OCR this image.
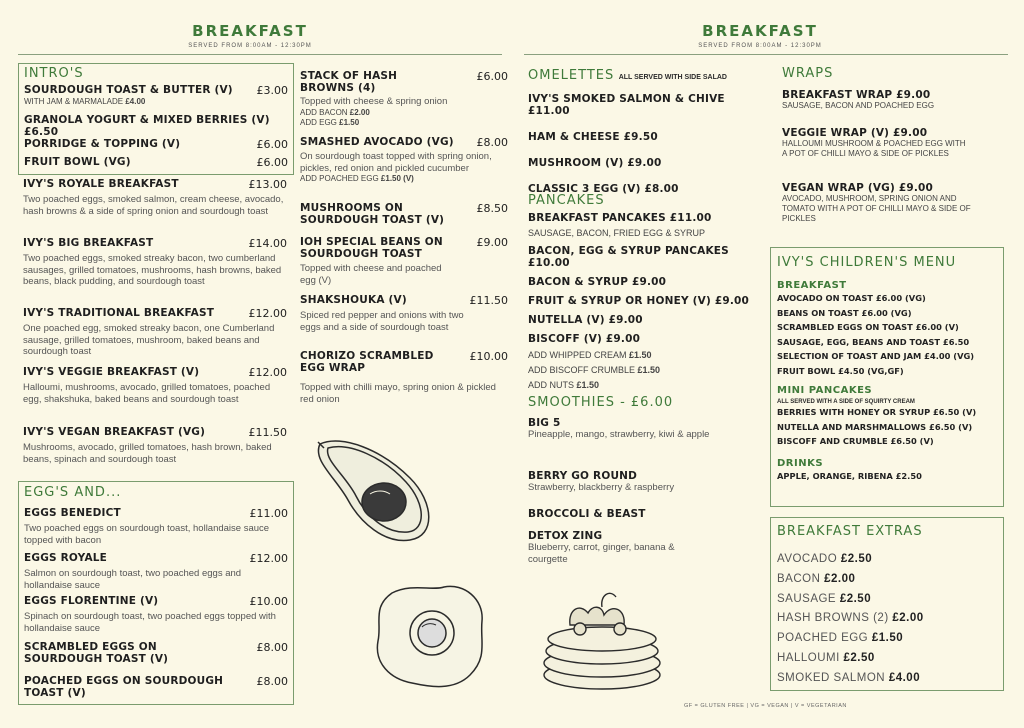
BREAKFAST
SERVED FROM 8:00AM - 12:30PM
BREAKFAST
SERVED FROM 8:00AM - 12:30PM
INTRO'S
SOURDOUGH TOAST & BUTTER (V) £3.00
WITH JAM & MARMALADE £4.00
GRANOLA YOGURT & MIXED BERRIES (V) £6.50
PORRIDGE & TOPPING (V)	£6.00
FRUIT BOWL (VG)	£6.00
IVY'S ROYALE BREAKFAST	£13.00
Two poached eggs, smoked salmon, cream cheese, avocado, hash browns & a side of spring onion and sourdough toast
IVY'S BIG BREAKFAST	£14.00
Two poached eggs, smoked streaky bacon, two cumberland sausages, grilled tomatoes, mushrooms, hash browns, baked beans, black pudding, and sourdough toast
IVY'S TRADITIONAL BREAKFAST	£12.00
One poached egg, smoked streaky bacon, one Cumberland sausage, grilled tomatoes, mushroom, baked beans and sourdough toast
IVY'S VEGGIE BREAKFAST (V)	£12.00
Halloumi, mushrooms, avocado, grilled tomatoes, poached egg, shakshuka, baked beans and sourdough toast
IVY'S VEGAN BREAKFAST (VG)	£11.50
Mushrooms, avocado, grilled tomatoes, hash brown, baked beans, spinach and sourdough toast
EGG'S AND...
EGGS BENEDICT	£11.00
Two poached eggs on sourdough toast, hollandaise sauce topped with bacon
EGGS ROYALE	£12.00
Salmon on sourdough toast, two poached eggs and hollandaise sauce
EGGS FLORENTINE (V)	£10.00
Spinach on sourdough toast, two poached eggs topped with hollandaise sauce
SCRAMBLED EGGS ON SOURDOUGH TOAST (V)
£8.00
POACHED EGGS ON SOURDOUGH TOAST (V)
£8.00
STACK OF HASH BROWNS (4)
£6.00
Topped with cheese & spring onion
ADD BACON £2.00
ADD EGG £1.50
SMASHED AVOCADO (VG) £8.00
On sourdough toast topped with spring onion, pickles, red onion and pickled cucumber
ADD POACHED EGG £1.50 (V)
MUSHROOMS ON SOURDOUGH TOAST (V)
£8.50
IOH SPECIAL BEANS ON SOURDOUGH TOAST
£9.00
Topped with cheese and poached egg (V)
SHAKSHOUKA (V)	£11.50
Spiced red pepper and onions with two eggs and a side of sourdough toast
CHORIZO SCRAMBLED EGG WRAP
£10.00
Topped with chilli mayo, spring onion & pickled red onion
OMELETTES ALL SERVED WITH SIDE SALAD
IVY'S SMOKED SALMON & CHIVE £11.00
HAM & CHEESE £9.50
MUSHROOM (V) £9.00
CLASSIC 3 EGG (V) £8.00
PANCAKES
BREAKFAST PANCAKES £11.00
SAUSAGE, BACON, FRIED EGG & SYRUP
BACON, EGG & SYRUP PANCAKES £10.00
BACON & SYRUP £9.00
FRUIT & SYRUP OR HONEY (V) £9.00
NUTELLA (V) £9.00
BISCOFF (V) £9.00
ADD WHIPPED CREAM £1.50
ADD BISCOFF CRUMBLE £1.50
ADD NUTS £1.50
SMOOTHIES - £6.00
BIG 5
Pineapple, mango, strawberry, kiwi & apple
BERRY GO ROUND
Strawberry, blackberry & raspberry
BROCCOLI & BEAST
DETOX ZING
Blueberry, carrot, ginger, banana & courgette
WRAPS
BREAKFAST WRAP £9.00
SAUSAGE, BACON AND POACHED EGG
VEGGIE WRAP (V) £9.00
HALLOUMI MUSHROOM & POACHED EGG WITH A POT OF CHILLI MAYO & SIDE OF PICKLES
VEGAN WRAP (VG) £9.00
AVOCADO, MUSHROOM, SPRING ONION AND TOMATO WITH A POT OF CHILLI MAYO & SIDE OF PICKLES
IVY'S CHILDREN'S MENU
BREAKFAST
AVOCADO ON TOAST £6.00 (VG)
BEANS ON TOAST £6.00 (VG)
SCRAMBLED EGGS ON TOAST £6.00 (V)
SAUSAGE, EGG, BEANS AND TOAST £6.50
SELECTION OF TOAST AND JAM £4.00 (VG)
FRUIT BOWL £4.50 (VG,GF)
MINI PANCAKES
ALL SERVED WITH A SIDE OF SQUIRTY CREAM
BERRIES WITH HONEY OR SYRUP £6.50 (V)
NUTELLA AND MARSHMALLOWS £6.50 (V)
BISCOFF AND CRUMBLE £6.50 (V)
DRINKS
APPLE, ORANGE, RIBENA £2.50
BREAKFAST EXTRAS
AVOCADO £2.50
BACON £2.00
SAUSAGE £2.50
HASH BROWNS (2) £2.00
POACHED EGG £1.50
HALLOUMI £2.50
SMOKED SALMON £4.00
GF = GLUTEN FREE | VG = VEGAN | V = VEGETARIAN
